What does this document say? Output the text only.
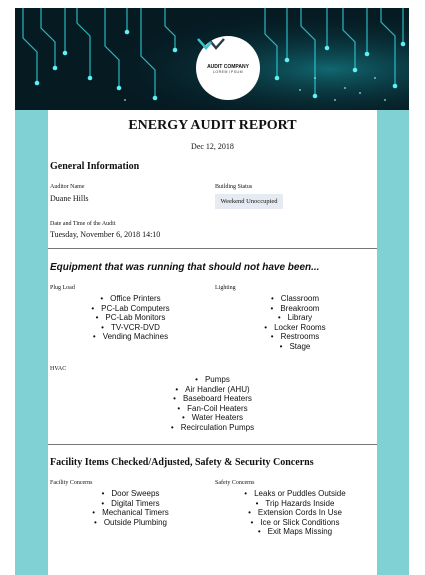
AUDIT COMPANY
LOREM IPSUM
ENERGY AUDIT REPORT
Dec 12, 2018
General Information
Auditor Name
Duane Hills
Building Status
Weekend Unoccupied
Date and Time of the Audit
Tuesday, November 6, 2018 14:10
Equipment that was running that should not have been...
Plug Load
• Office Printers
• PC-Lab Computers
• PC-Lab Monitors
• TV-VCR-DVD
• Vending Machines
Lighting
• Classroom
• Breakroom
• Library
• Locker Rooms
• Restrooms
• Stage
HVAC
• Pumps
• Air Handler (AHU)
• Baseboard Heaters
• Fan-Coil Heaters
• Water Heaters
• Recirculation Pumps
Facility Items Checked/Adjusted, Safety & Security Concerns
Facility Concerns
• Door Sweeps
• Digital Timers
• Mechanical Timers
• Outside Plumbing
Safety Concerns
• Leaks or Puddles Outside
• Trip Hazards Inside
• Extension Cords In Use
• Ice or Slick Conditions
• Exit Maps Missing
